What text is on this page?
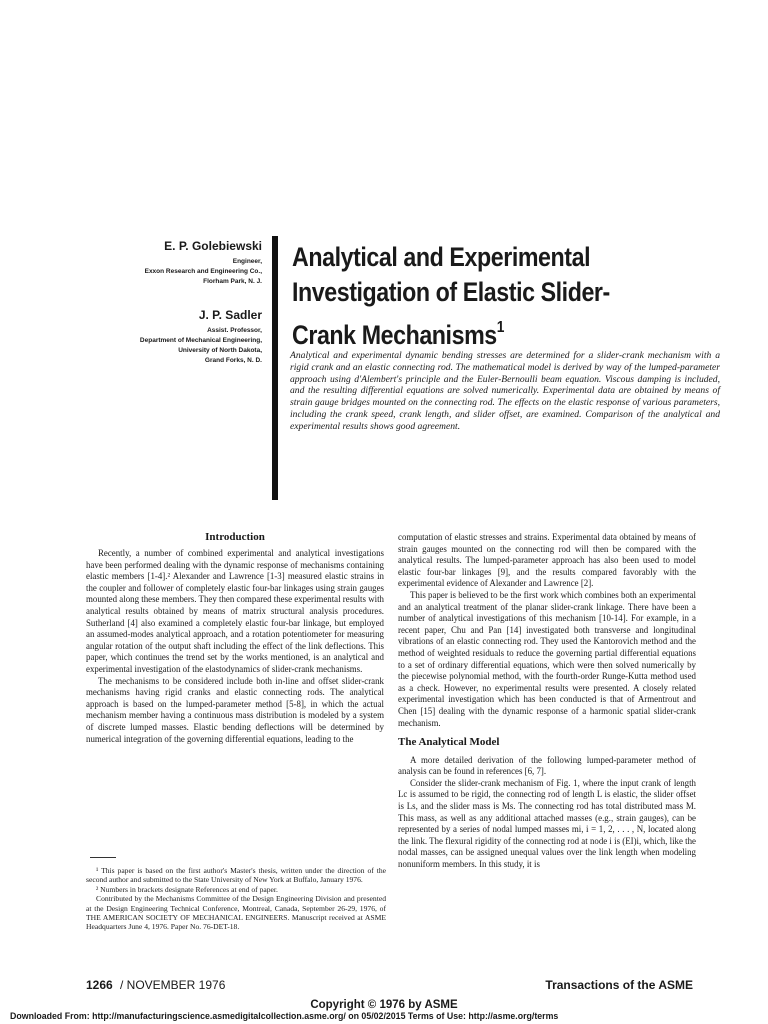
E. P. Golebiewski
Engineer,
Exxon Research and Engineering Co.,
Florham Park, N. J.
J. P. Sadler
Assist. Professor,
Department of Mechanical Engineering,
University of North Dakota,
Grand Forks, N. D.
Analytical and Experimental
Investigation of Elastic Slider-
Crank Mechanisms$^1$
Analytical and experimental dynamic bending stresses are determined for a slider-crank mechanism with a rigid crank and an elastic connecting rod. The mathematical model is derived by way of the lumped-parameter approach using d'Alembert's principle and the Euler-Bernoulli beam equation. Viscous damping is included, and the resulting differential equations are solved numerically. Experimental data are obtained by means of strain gauge bridges mounted on the connecting rod. The effects on the elastic response of various parameters, including the crank speed, crank length, and slider offset, are examined. Comparison of the analytical and experimental results shows good agreement.
Introduction

Recently, a number of combined experimental and analytical investigations have been performed dealing with the dynamic response of mechanisms containing elastic members [1-4].² Alexander and Lawrence [1-3] measured elastic strains in the coupler and follower of completely elastic four-bar linkages using strain gauges mounted along these members. They then compared these experimental results with analytical results obtained by means of matrix structural analysis procedures. Sutherland [4] also examined a completely elastic four-bar linkage, but employed an assumed-modes analytical approach, and a rotation potentiometer for measuring angular rotation of the output shaft including the effect of the link deflections. This paper, which continues the trend set by the works mentioned, is an analytical and experimental investigation of the elastodynamics of slider-crank mechanisms.

The mechanisms to be considered include both in-line and offset slider-crank mechanisms having rigid cranks and elastic connecting rods. The analytical approach is based on the lumped-parameter method [5-8], in which the actual mechanism member having a continuous mass distribution is modeled by a system of discrete lumped masses. Elastic bending deflections will be determined by numerical integration of the governing differential equations, leading to the

¹ This paper is based on the first author's Master's thesis, written under the direction of the second author and submitted to the State University of New York at Buffalo, January 1976.

² Numbers in brackets designate References at end of paper.

Contributed by the Mechanisms Committee of the Design Engineering Division and presented at the Design Engineering Technical Conference, Montreal, Canada, September 26-29, 1976, of THE AMERICAN SOCIETY OF MECHANICAL ENGINEERS. Manuscript received at ASME Headquarters June 4, 1976. Paper No. 76-DET-18.

computation of elastic stresses and strains. Experimental data obtained by means of strain gauges mounted on the connecting rod will then be compared with the analytical results. The lumped-parameter approach has also been used to model elastic four-bar linkages [9], and the results compared favorably with the experimental evidence of Alexander and Lawrence [2].

This paper is believed to be the first work which combines both an experimental and an analytical treatment of the planar slider-crank linkage. There have been a number of analytical investigations of this mechanism [10-14]. For example, in a recent paper, Chu and Pan [14] investigated both transverse and longitudinal vibrations of an elastic connecting rod. They used the Kantorovich method and the method of weighted residuals to reduce the governing partial differential equations to a set of ordinary differential equations, which were then solved numerically by the piecewise polynomial method, with the fourth-order Runge-Kutta method used as a check. However, no experimental results were presented. A closely related experimental investigation which has been conducted is that of Armentrout and Chen [15] dealing with the dynamic response of a harmonic spatial slider-crank mechanism.

The Analytical Model

A more detailed derivation of the following lumped-parameter method of analysis can be found in references [6, 7].

Consider the slider-crank mechanism of Fig. 1, where the input crank of length Lc is assumed to be rigid, the connecting rod of length L is elastic, the slider offset is Ls, and the slider mass is Ms. The connecting rod has total distributed mass M. This mass, as well as any additional attached masses (e.g., strain gauges), can be represented by a series of nodal lumped masses mi, i = 1, 2, . . . , N, located along the link. The flexural rigidity of the connecting rod at node i is (EI)i, which, like the nodal masses, can be assigned unequal values over the link length when modeling nonuniform members. In this study, it is

1266 / NOVEMBER 1976	Transactions of the ASME
Copyright © 1976 by ASME
Downloaded From: http://manufacturingscience.asmedigitalcollection.asme.org/ on 05/02/2015 Terms of Use: http://asme.org/terms
